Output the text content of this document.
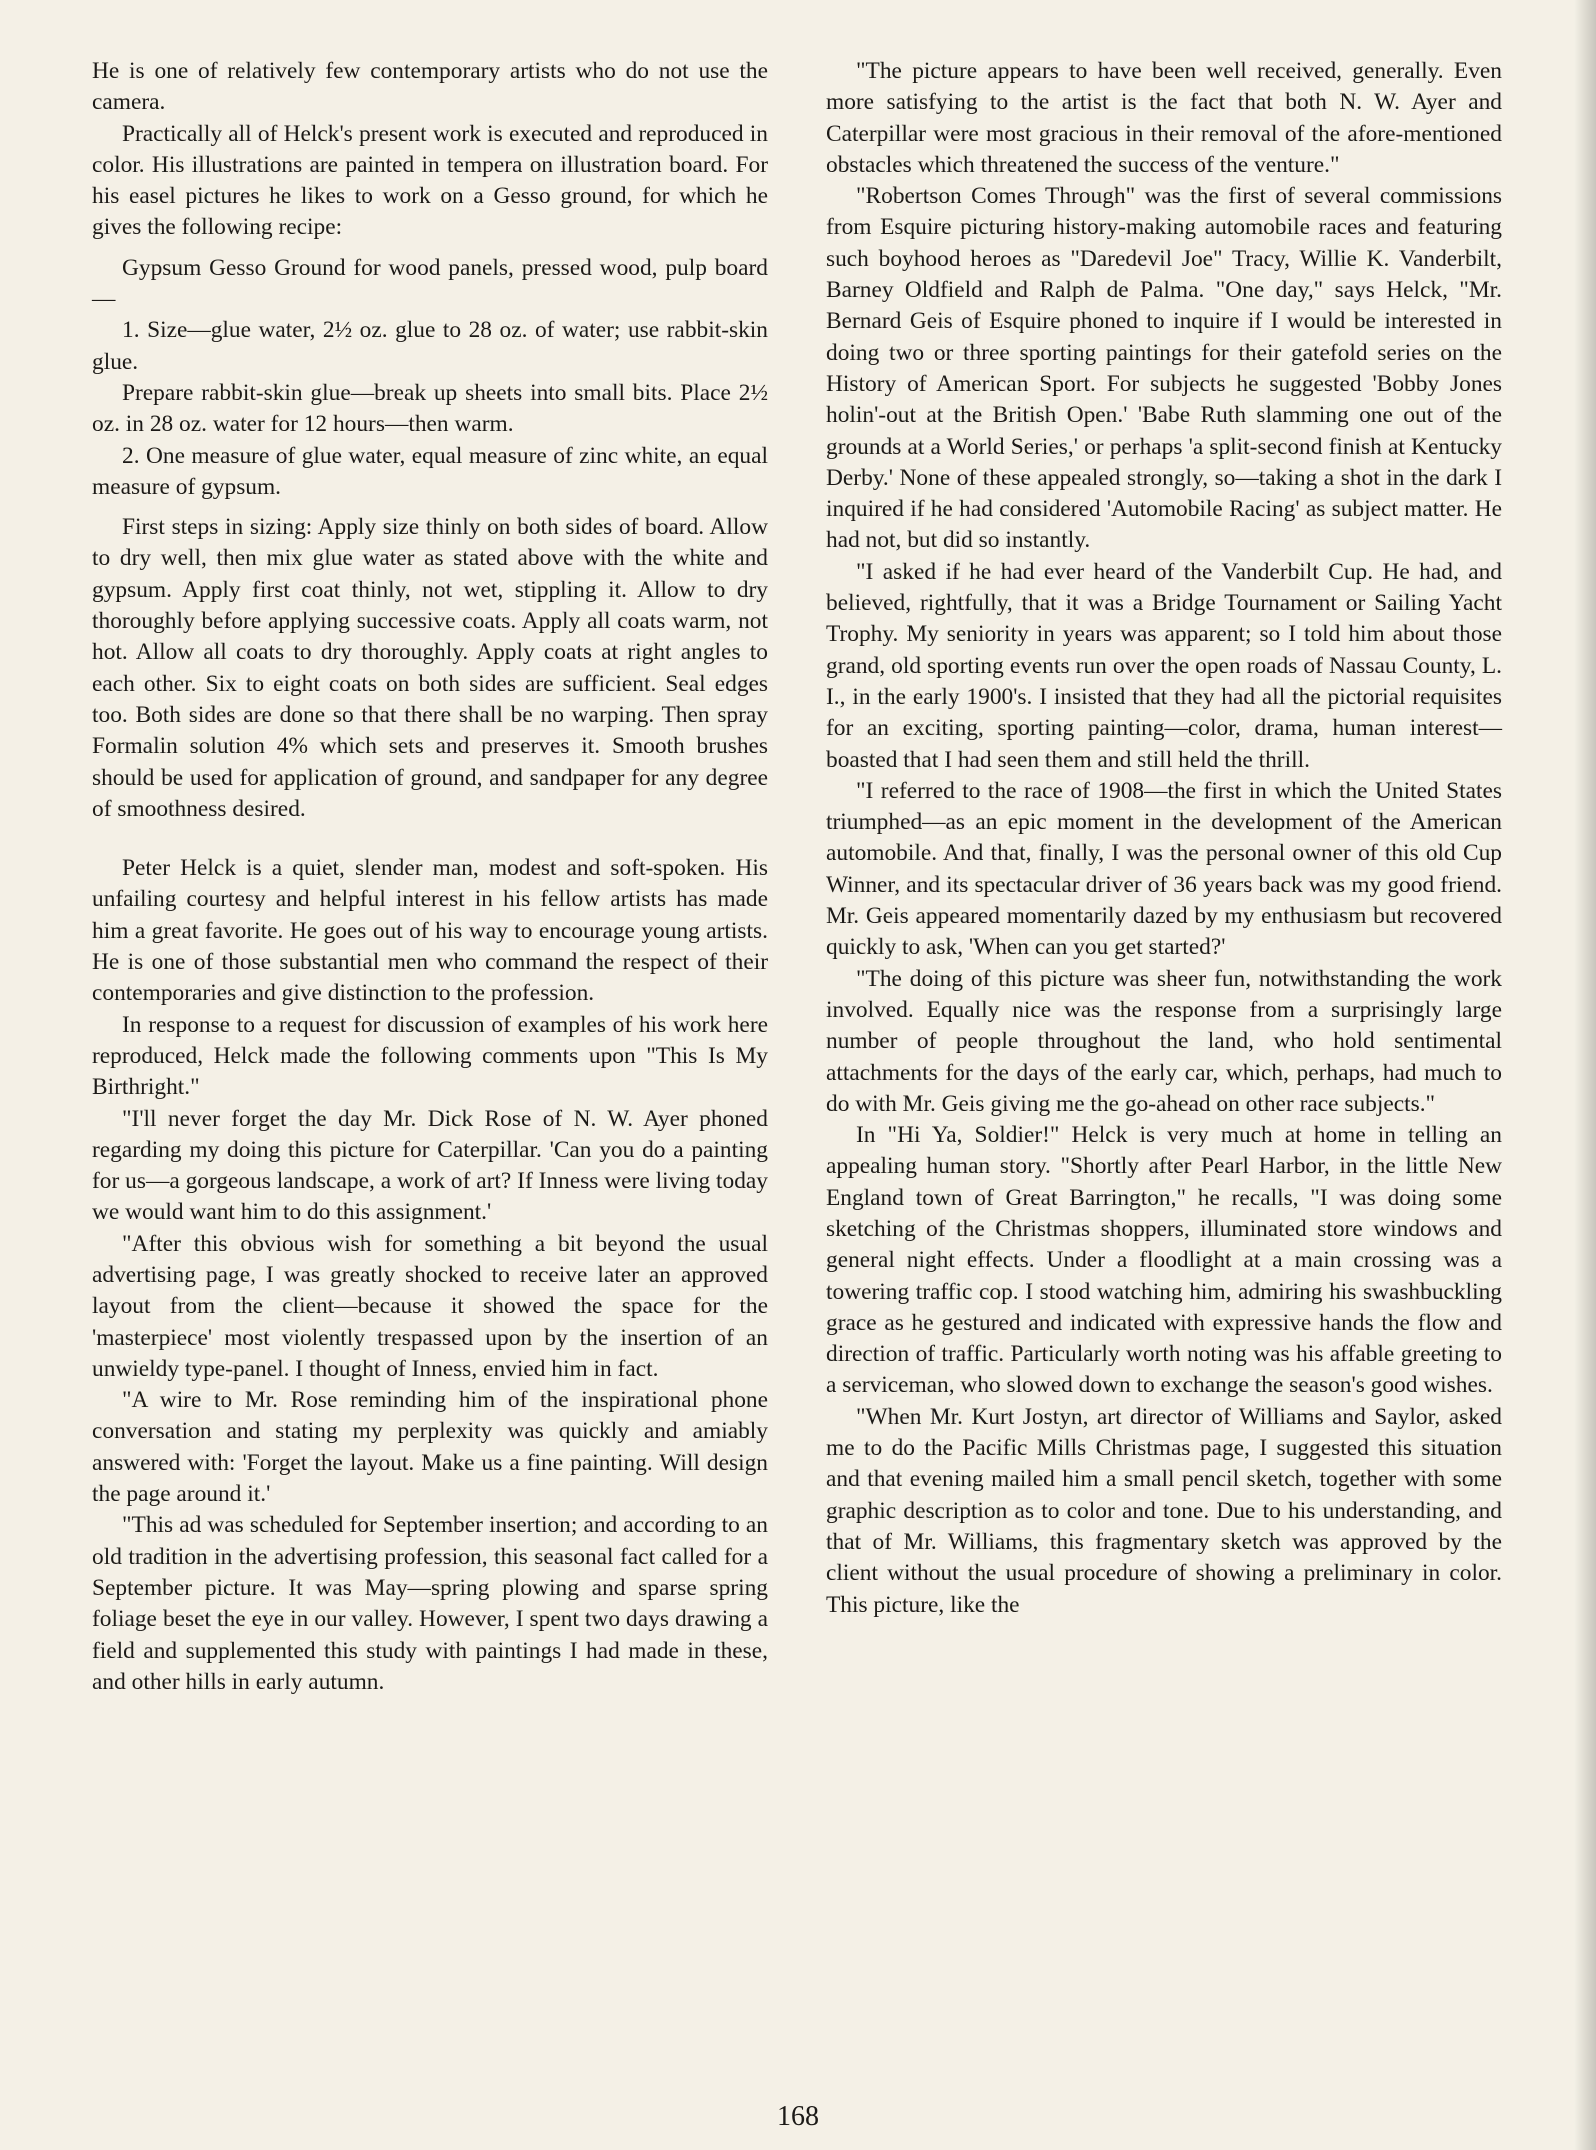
He is one of relatively few contemporary artists who do not use the camera.

Practically all of Helck's present work is executed and reproduced in color. His illustrations are painted in tempera on illustration board. For his easel pictures he likes to work on a Gesso ground, for which he gives the following recipe:

Gypsum Gesso Ground for wood panels, pressed wood, pulp board —

1. Size—glue water, 2½ oz. glue to 28 oz. of water; use rabbit-skin glue.

Prepare rabbit-skin glue—break up sheets into small bits. Place 2½ oz. in 28 oz. water for 12 hours—then warm.

2. One measure of glue water, equal measure of zinc white, an equal measure of gypsum.

First steps in sizing: Apply size thinly on both sides of board. Allow to dry well, then mix glue water as stated above with the white and gypsum. Apply first coat thinly, not wet, stippling it. Allow to dry thoroughly before applying successive coats. Apply all coats warm, not hot. Allow all coats to dry thoroughly. Apply coats at right angles to each other. Six to eight coats on both sides are sufficient. Seal edges too. Both sides are done so that there shall be no warping. Then spray Formalin solution 4% which sets and preserves it. Smooth brushes should be used for application of ground, and sandpaper for any degree of smoothness desired.

Peter Helck is a quiet, slender man, modest and soft-spoken. His unfailing courtesy and helpful interest in his fellow artists has made him a great favorite. He goes out of his way to encourage young artists. He is one of those substantial men who command the respect of their contemporaries and give distinction to the profession.

In response to a request for discussion of examples of his work here reproduced, Helck made the following comments upon "This Is My Birthright."

"I'll never forget the day Mr. Dick Rose of N. W. Ayer phoned regarding my doing this picture for Caterpillar. 'Can you do a painting for us—a gorgeous landscape, a work of art? If Inness were living today we would want him to do this assignment.'

"After this obvious wish for something a bit beyond the usual advertising page, I was greatly shocked to receive later an approved layout from the client—because it showed the space for the 'masterpiece' most violently trespassed upon by the insertion of an unwieldy type-panel. I thought of Inness, envied him in fact.

"A wire to Mr. Rose reminding him of the inspirational phone conversation and stating my perplexity was quickly and amiably answered with: 'Forget the layout. Make us a fine painting. Will design the page around it.'

"This ad was scheduled for September insertion; and according to an old tradition in the advertising profession, this seasonal fact called for a September picture. It was May—spring plowing and sparse spring foliage beset the eye in our valley. However, I spent two days drawing a field and supplemented this study with paintings I had made in these, and other hills in early autumn.

"The picture appears to have been well received, generally. Even more satisfying to the artist is the fact that both N. W. Ayer and Caterpillar were most gracious in their removal of the afore-mentioned obstacles which threatened the success of the venture."

"Robertson Comes Through" was the first of several commissions from Esquire picturing history-making automobile races and featuring such boyhood heroes as "Daredevil Joe" Tracy, Willie K. Vanderbilt, Barney Oldfield and Ralph de Palma. "One day," says Helck, "Mr. Bernard Geis of Esquire phoned to inquire if I would be interested in doing two or three sporting paintings for their gatefold series on the History of American Sport. For subjects he suggested 'Bobby Jones holin'-out at the British Open.' 'Babe Ruth slamming one out of the grounds at a World Series,' or perhaps 'a split-second finish at Kentucky Derby.' None of these appealed strongly, so—taking a shot in the dark I inquired if he had considered 'Automobile Racing' as subject matter. He had not, but did so instantly.

"I asked if he had ever heard of the Vanderbilt Cup. He had, and believed, rightfully, that it was a Bridge Tournament or Sailing Yacht Trophy. My seniority in years was apparent; so I told him about those grand, old sporting events run over the open roads of Nassau County, L. I., in the early 1900's. I insisted that they had all the pictorial requisites for an exciting, sporting painting—color, drama, human interest—boasted that I had seen them and still held the thrill.

"I referred to the race of 1908—the first in which the United States triumphed—as an epic moment in the development of the American automobile. And that, finally, I was the personal owner of this old Cup Winner, and its spectacular driver of 36 years back was my good friend. Mr. Geis appeared momentarily dazed by my enthusiasm but recovered quickly to ask, 'When can you get started?'

"The doing of this picture was sheer fun, notwithstanding the work involved. Equally nice was the response from a surprisingly large number of people throughout the land, who hold sentimental attachments for the days of the early car, which, perhaps, had much to do with Mr. Geis giving me the go-ahead on other race subjects."

In "Hi Ya, Soldier!" Helck is very much at home in telling an appealing human story. "Shortly after Pearl Harbor, in the little New England town of Great Barrington," he recalls, "I was doing some sketching of the Christmas shoppers, illuminated store windows and general night effects. Under a floodlight at a main crossing was a towering traffic cop. I stood watching him, admiring his swashbuckling grace as he gestured and indicated with expressive hands the flow and direction of traffic. Particularly worth noting was his affable greeting to a serviceman, who slowed down to exchange the season's good wishes.

"When Mr. Kurt Jostyn, art director of Williams and Saylor, asked me to do the Pacific Mills Christmas page, I suggested this situation and that evening mailed him a small pencil sketch, together with some graphic description as to color and tone. Due to his understanding, and that of Mr. Williams, this fragmentary sketch was approved by the client without the usual procedure of showing a preliminary in color. This picture, like the

168
